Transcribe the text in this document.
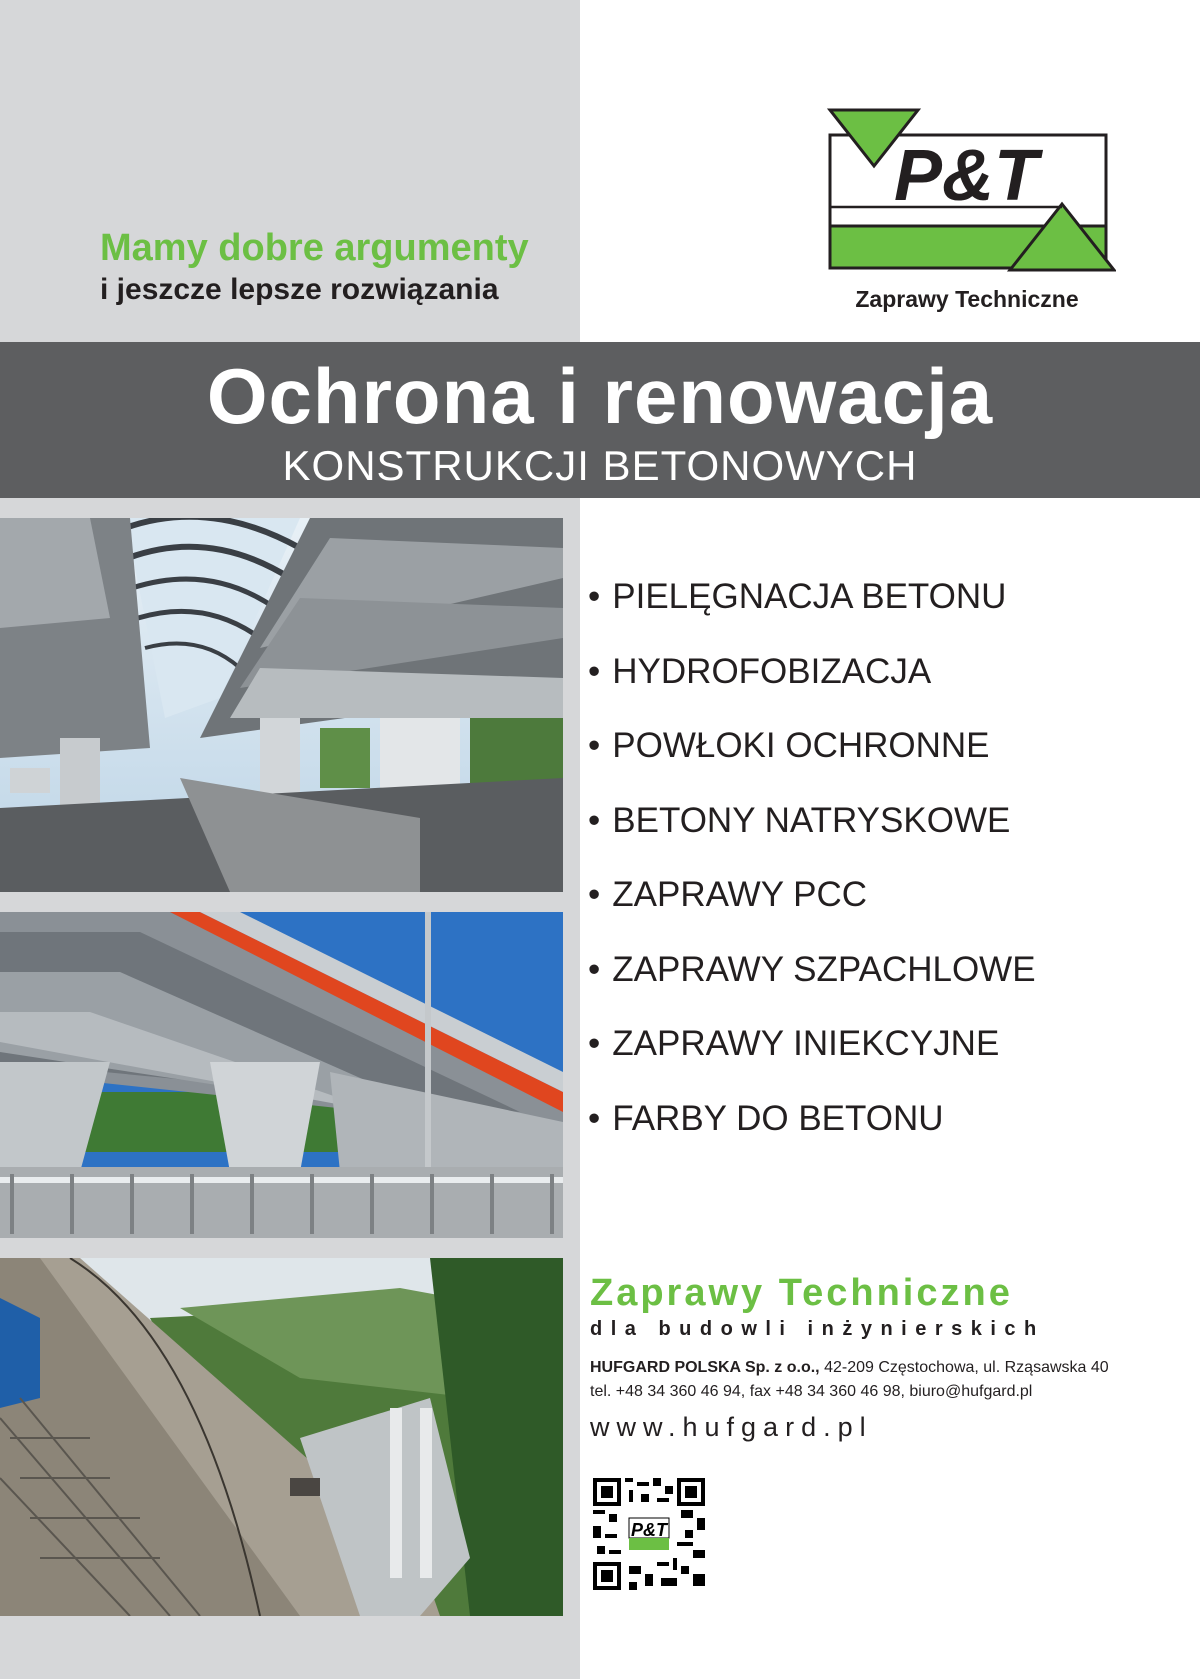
Mamy dobre argumenty
i jeszcze lepsze rozwiązania
P&T
Zaprawy Techniczne
Ochrona i renowacja
KONSTRUKCJI BETONOWYCH
• PIELĘGNACJA BETONU
• HYDROFOBIZACJA
• POWŁOKI OCHRONNE
• BETONY NATRYSKOWE
• ZAPRAWY PCC
• ZAPRAWY SZPACHLOWE
• ZAPRAWY INIEKCYJNE
• FARBY DO BETONU
Zaprawy Techniczne
dla budowli inżynierskich
HUFGARD POLSKA Sp. z o.o., 42-209 Częstochowa, ul. Rząsawska 40
tel. +48 34 360 46 94, fax +48 34 360 46 98, biuro@hufgard.pl
www.hufgard.pl
P&T
